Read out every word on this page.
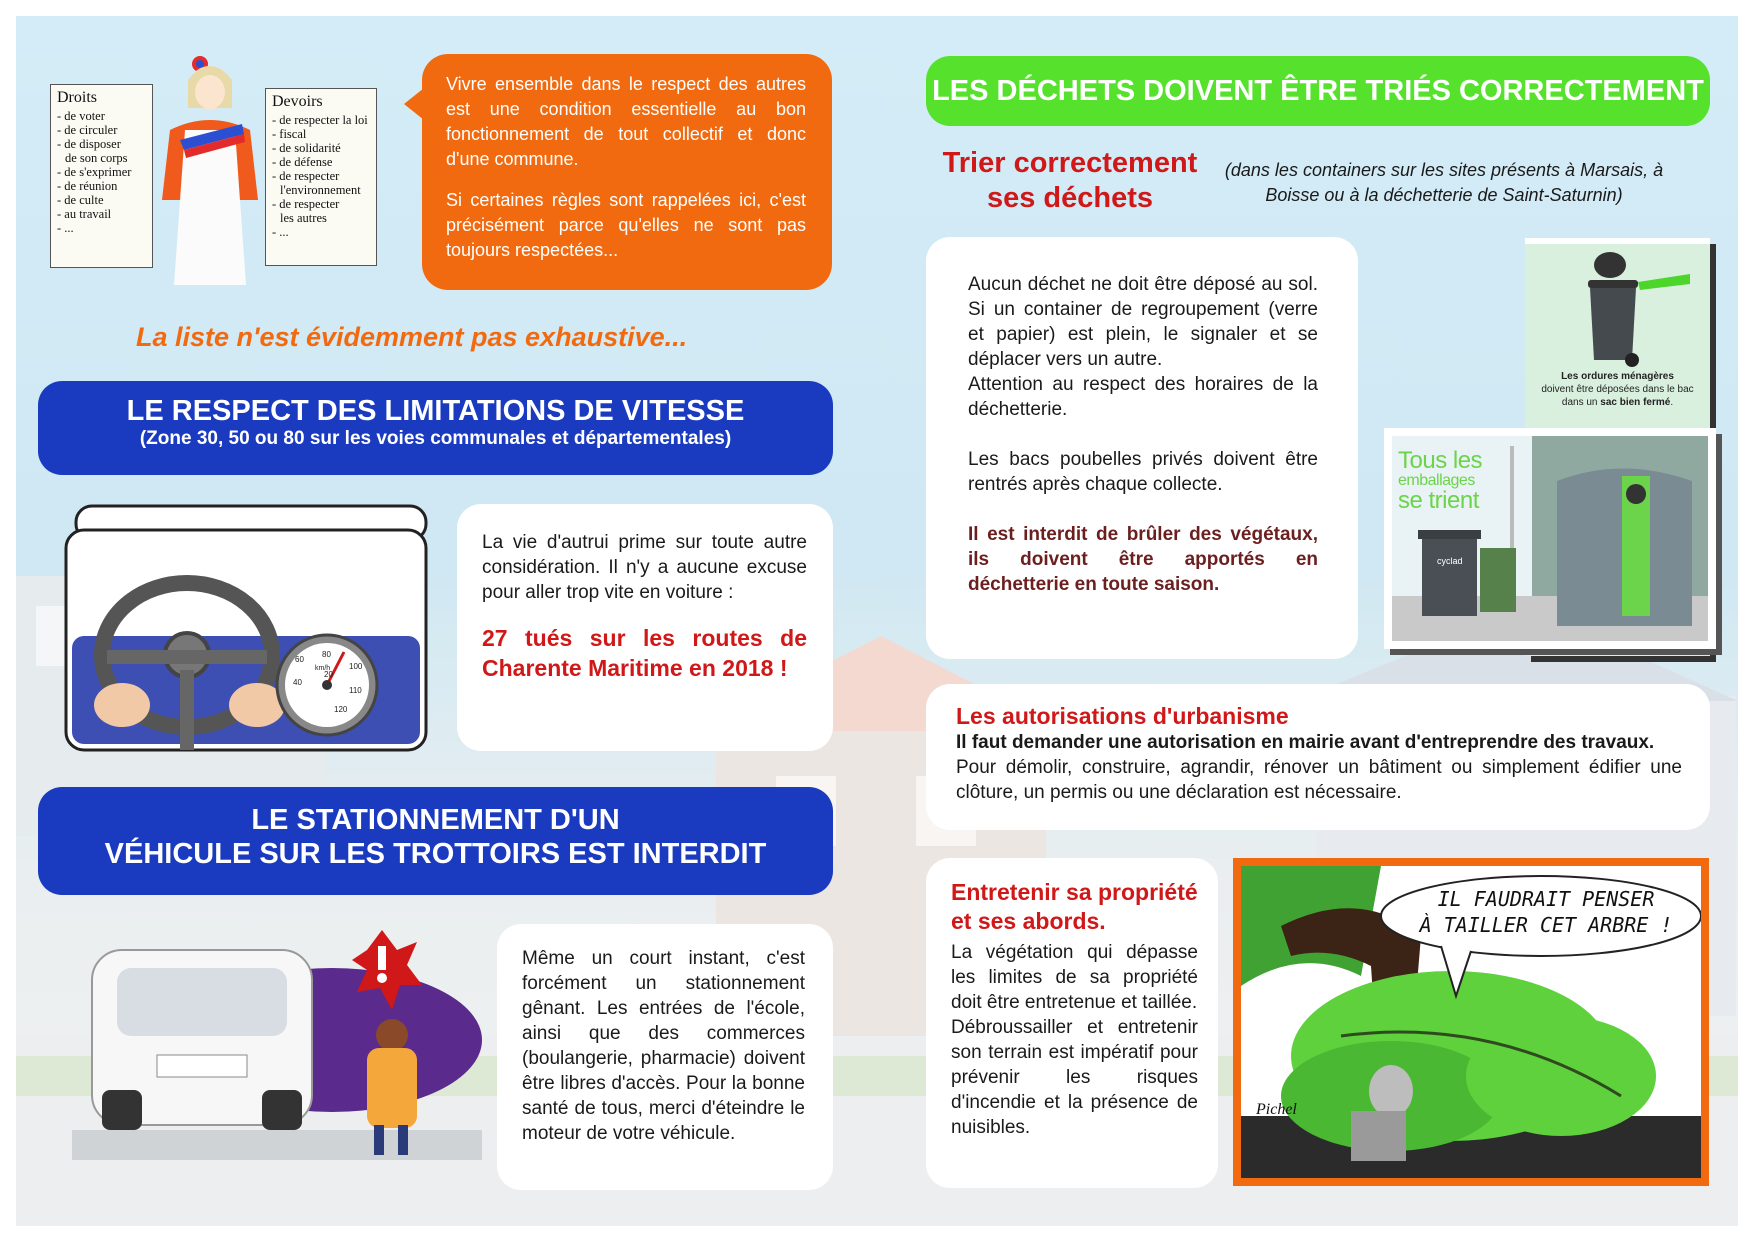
Droits
- de voter
- de circuler
- de disposer
de son corps
- de s'exprimer
- de réunion
- de culte
- au travail
- ...
Devoirs
- de respecter la loi
- fiscal
- de solidarité
- de défense
- de respecter
l'environnement
- de respecter
les autres
- ...
Vivre ensemble dans le respect des autres est une condition essentielle au bon fonctionnement de tout collectif et donc d'une commune.
Si certaines règles sont rappelées ici, c'est précisément parce qu'elles ne sont pas toujours respectées...
La liste n'est évidemment pas exhaustive...
LE RESPECT DES LIMITATIONS DE VITESSE
(Zone 30, 50 ou 80 sur les voies communales et départementales)
20
40
60
80
100
110
120
km/h
La vie d'autrui prime sur toute autre considération. Il n'y a aucune excuse pour aller trop vite en voiture :
27 tués sur les routes de Charente Maritime en 2018 !
LE STATIONNEMENT D'UN
VÉHICULE SUR LES TROTTOIRS EST INTERDIT
Même un court instant, c'est forcément un stationnement gênant. Les entrées de l'école, ainsi que des commerces (boulangerie, pharmacie) doivent être libres d'accès. Pour la bonne santé de tous, merci d'éteindre le moteur de votre véhicule.
LES DÉCHETS DOIVENT ÊTRE TRIÉS CORRECTEMENT
Trier correctement
ses déchets
(dans les containers sur les sites présents à Marsais, à Boisse ou à la déchetterie de Saint-Saturnin)
Aucun déchet ne doit être déposé au sol. Si un container de regroupement (verre et papier) est plein, le signaler et se déplacer vers un autre.
Attention au respect des horaires de la déchetterie.
Les bacs poubelles privés doivent être rentrés après chaque collecte.
Il est interdit de brûler des végétaux, ils doivent être apportés en déchetterie en toute saison.
Les ordures ménagères
doivent être déposées dans le bac
dans un sac bien fermé.
Tous les
emballages
se trient
cyclad
Les autorisations d'urbanisme
Il faut demander une autorisation en mairie avant d'entreprendre des travaux.
Pour démolir, construire, agrandir, rénover un bâtiment ou simplement édifier une clôture, un permis ou une déclaration est nécessaire.
Entretenir sa propriété et ses abords.
La végétation qui dépasse les limites de sa propriété doit être entretenue et taillée.
Débroussailler et entretenir son terrain est impératif pour prévenir les risques d'incendie et la présence de nuisibles.
IL FAUDRAIT PENSER
À TAILLER CET ARBRE !
Pichel
